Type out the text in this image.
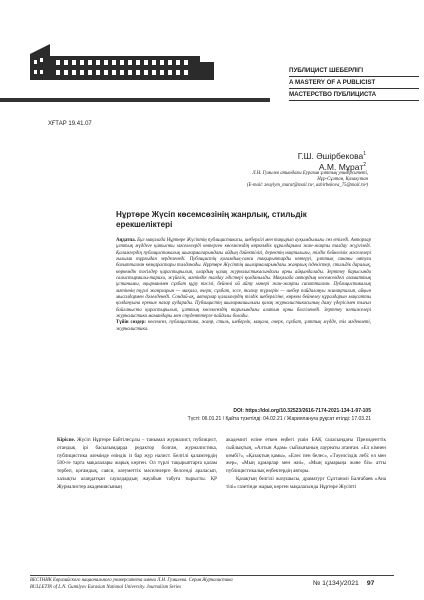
ПУБЛИЦИСТ ШЕБЕРЛІГІ
A MASTERY OF A PUBLICIST
МАСТЕРСТВО ПУБЛИЦИСТА
ХҒТАР 19.41.07
Г.Ш. Әшірбекова$^1$
А.М. Мұрат$^2$
Л.Н. Гумилев атындағы Еуразия ұлттық университеті,
Нұр-Сұлтан, Қазақстан
(E-mail: zeuylym_murat@mail.ru¹, ashirbekova_75@mail.ru²)
Нұртөре Жүсіп көсемсөзінің жанрлық, стильдік ерекшеліктері

Аңдатпа. Бұл мақалада Нұртөре Жүсіптің публицистикасы, шеберлігі мен тақырып ауқымдылығы сөз етіледі. Авторлар ұлттық мүддеге қатысты мәселелерді көтерген көсемсөздің көркемдік құралдарына жан-жақты талдау жүргізеді. Қаламгердің публицистикалық шығармаларындағы ойдың дәйектілігі, деректің нақтылығы, тілдік бейнелілік мәселелері ғылыми тұрғыдан зерделенеді. Публицистің қоғамдық-саяси тақырыптарды көтеруі, ұлттық сананы оятуға бағытталған көзқарастары талданады. Нұртөре Жүсіптің шығармаларындағы жанрлық ізденістер, стильдік даралық, көркемдік тәсілдер қарастырылып, олардың қазақ журналистикасындағы орны айқындалады. Зерттеу барысында салыстырмалы-тарихи, жүйелік, мәтіндік талдау әдістері қолданылды. Мақалада автордың көсемсөздегі азаматтық ұстанымы, оқырманмен сұхбат құру тәсілі, бейнелі ой айту мәнері жан-жақты сипатталған. Публицистикалық мәтіннің түрлі жанрларын — мақала, очерк, сұхбат, эссе, толғау түрлерін — шебер пайдалануы жинақталып, айқын мысалдармен дәлелденеді. Сондай-ақ, авторлар қаламгердің тілдік шеберлігіне, көркем бейнелеу құралдарын мақсатты қолдануына ерекше назар аударады. Публицистің шығармашылығы қазақ журналистикасының даму үдерісімен тығыз байланыста қарастырылып, ұлттық көсемсөздің тарихындағы алатын орны белгіленеді. Зерттеу нәтижелері журналистика мамандары мен студенттерге пайдалы болады.

Түйін сөздер: көсемсөз, публицистика, жанр, стиль, шеберлік, мақала, очерк, сұхбат, ұлттық мүдде, тіл мәдениеті, журналистика.

DOI: https://doi.org/10.32523/2616-7174-2021-134-1-97-105
Түсті: 06.01.21 / Қайта түзетілді: 04.02.21 / Жариялануға рұқсат етілді: 17.03.21

Кіріспе. Жүсіп Нұртөре Байтілесұлы – танымал журналист, публицист, отандық ірі басылымдарда редактор болған, журналистика, публицистика әлемінде өзіндік із бар жур налист. Белгілі қаламгердің 500-ге тарта мақалалары жарық көрген. Ол түрлі тақырыптарға қалам тербеп, қоғамдық, саяси, әлеуметтік мәселелерге белсенді араласып, халықты алаңдатқан сауалдардың жауабын табуға тырысты. ҚР Журналистер академиясының

академигі еліне еткен еңбегі үшін БАҚ саласындағы Президенттік сыйлықтың, «Алтын Адам» сыйлығының лауреаты атанған. «Ел кімнен көмбі?», «Қазақтың қамы», «Елес пен белес», «Тәуелсіздік лебі: ел мен жер», «Мың құмарлар мен жиі», «Мың құмарыңа және біз» атты публицистикалық еңбектердің авторы.

Қазақтың белгілі жазушысы, драматург Сұлтанәлі Балғабаев «Ана тілі» газетінде жарық көрген мақаласында Нұртөре Жүсіпті

ВЕСТНИК Евразийского национального университета имени Л.Н. Гумилева. Серия Журналистика
BULLETIN of L.N. Gumilyov Eurasian National University. Journalism Series
№ 1(134)/2021 97
